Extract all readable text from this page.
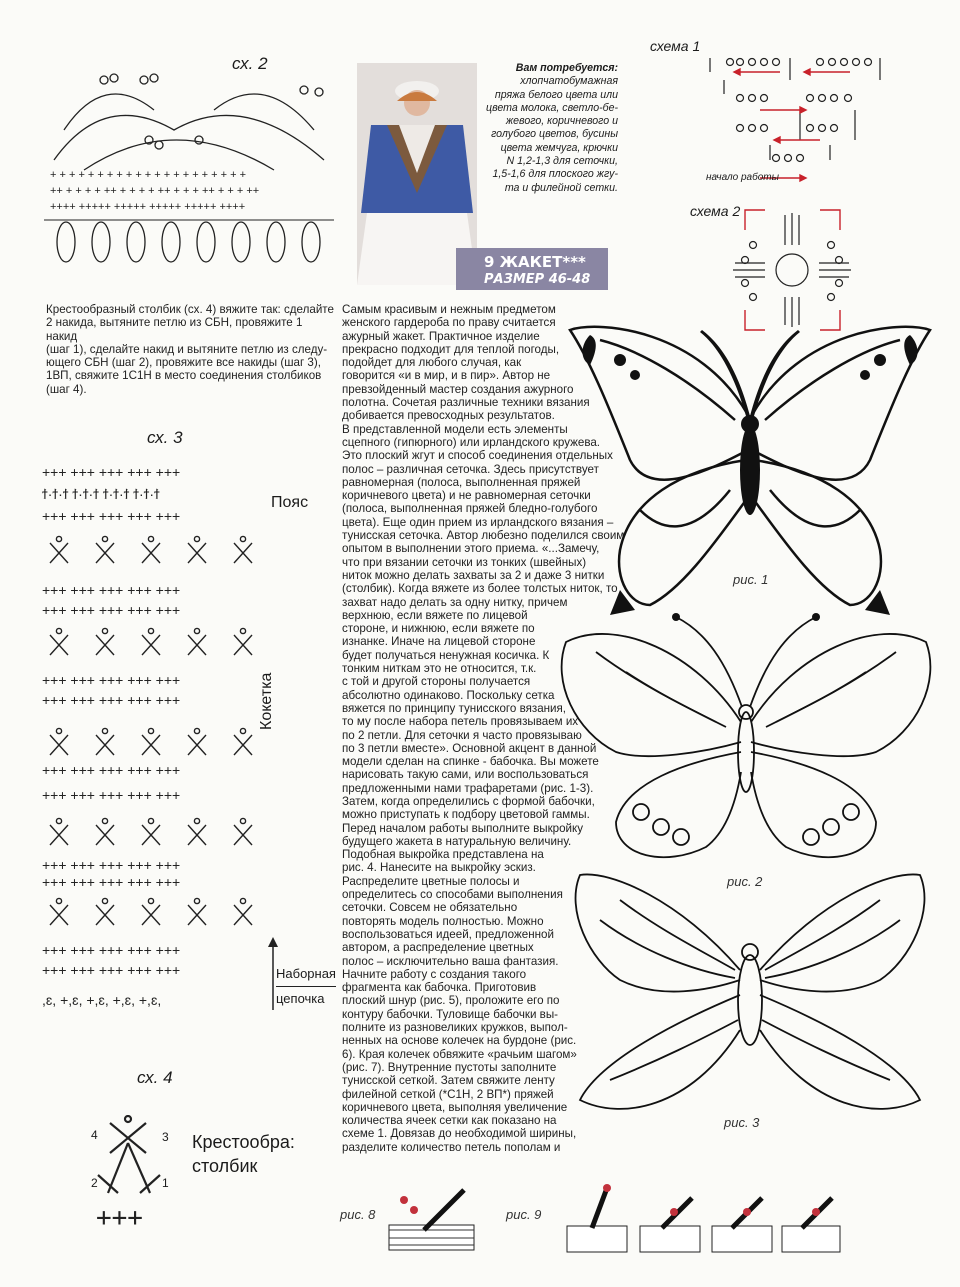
сх. 2
+ + + + + + + + + + + + + + + + + + + + +
++ + + + + ++ + + + + ++ + + + ++ + + + ++
++++ +++++ +++++ +++++ +++++ ++++
Вам потребуется:
хлопчатобумажная
пряжа белого цвета или
цвета молока, светло-бе-
жевого, коричневого и
голубого цветов, бусины
цвета жемчуга, крючки
N 1,2-1,3 для сеточки,
1,5-1,6 для плоского жгу-
та и филейной сетки.
9 ЖАКЕТ***
РАЗМЕР 46-48
схема 1
начало работы
схема 2
Крестообразный столбик (сх. 4) вяжите так: сделайте
2 накида, вытяните петлю из СБН, провяжите 1 накид
(шаг 1), сделайте накид и вытяните петлю из следу-
ющего СБН (шаг 2), провяжите все накиды (шаг 3),
1ВП, свяжите 1С1Н в место соединения столбиков
(шаг 4).
сх. 3
+++ +++ +++ +++ +++
ϯ·ϯ·ϯ ϯ·ϯ·ϯ ϯ·ϯ·ϯ ϯ·ϯ·ϯ
+++ +++ +++ +++ +++
+++ +++ +++ +++ +++
+++ +++ +++ +++ +++
+++ +++ +++ +++ +++
+++ +++ +++ +++ +++
+++ +++ +++ +++ +++
+++ +++ +++ +++ +++
+++ +++ +++ +++ +++
+++ +++ +++ +++ +++
+++ +++ +++ +++ +++
+++ +++ +++ +++ +++
,ɛ, +,ɛ, +,ɛ, +,ɛ, +,ɛ,
Пояс
Кокетка
Наборная
цепочка
сх. 4
4	3
2	1
+++
Крестообра:
столбик
Самым красивым и нежным предметом
женского гардероба по праву считается
ажурный жакет. Практичное изделие
прекрасно подходит для теплой погоды,
подойдет для любого случая, как
говорится «и в мир, и в пир». Автор не
превзойденный мастер создания ажурного
полотна. Сочетая различные техники вязания
добивается превосходных результатов.
В представленной модели есть элементы
сцепного (гипюрного) или ирландского кружева.
Это плоский жгут и способ соединения отдельных
полос – различная сеточка. Здесь присутствует
равномерная (полоса, выполненная пряжей
коричневого цвета) и не равномерная сеточки
(полоса, выполненная пряжей бледно-голубого
цвета). Еще один прием из ирландского вязания –
тунисская сеточка. Автор любезно поделился своим
опытом в выполнении этого приема. «...Замечу,
что при вязании сеточки из тонких (швейных)
ниток можно делать захваты за 2 и даже 3 нитки
(столбик). Когда вяжете из более толстых ниток, то
захват надо делать за одну нитку, причем
верхнюю, если вяжете по лицевой
стороне, и нижнюю, если вяжете по
изнанке. Иначе на лицевой стороне
будет получаться ненужная косичка. К
тонким ниткам это не относится, т.к.
с той и другой стороны получается
абсолютно одинаково. Поскольку сетка
вяжется по принципу тунисского вязания,
то му после набора петель провязываем их
по 2 петли. Для сеточки я часто провязываю
по 3 петли вместе». Основной акцент в данной
модели сделан на спинке - бабочка. Вы можете
нарисовать такую сами, или воспользоваться
предложенными нами трафаретами (рис. 1-3).
Затем, когда определились с формой бабочки,
можно приступать к подбору цветовой гаммы.
Перед началом работы выполните выкройку
будущего жакета в натуральную величину.
Подобная выкройка представлена на
рис. 4. Нанесите на выкройку эскиз.
Распределите цветные полосы и
определитесь со способами выполнения
сеточки. Совсем не обязательно
повторять модель полностью. Можно
воспользоваться идеей, предложенной
автором, а распределение цветных
полос – исключительно ваша фантазия.
Начните работу с создания такого
фрагмента как бабочка. Приготовив
плоский шнур (рис. 5), проложите его по
контуру бабочки. Туловище бабочки вы-
полните из разновеликих кружков, выпол-
ненных на основе колечек на бурдоне (рис.
6). Края колечек обвяжите «рачьим шагом»
(рис. 7). Внутренние пустоты заполните
тунисской сеткой. Затем свяжите ленту
филейной сеткой (*С1Н, 2 ВП*) пряжей
коричневого цвета, выполняя увеличение
количества ячеек сетки как показано на
схеме 1. Довязав до необходимой ширины,
разделите количество петель пополам и
рис. 1
рис. 2
рис. 3
рис. 8	рис. 9
